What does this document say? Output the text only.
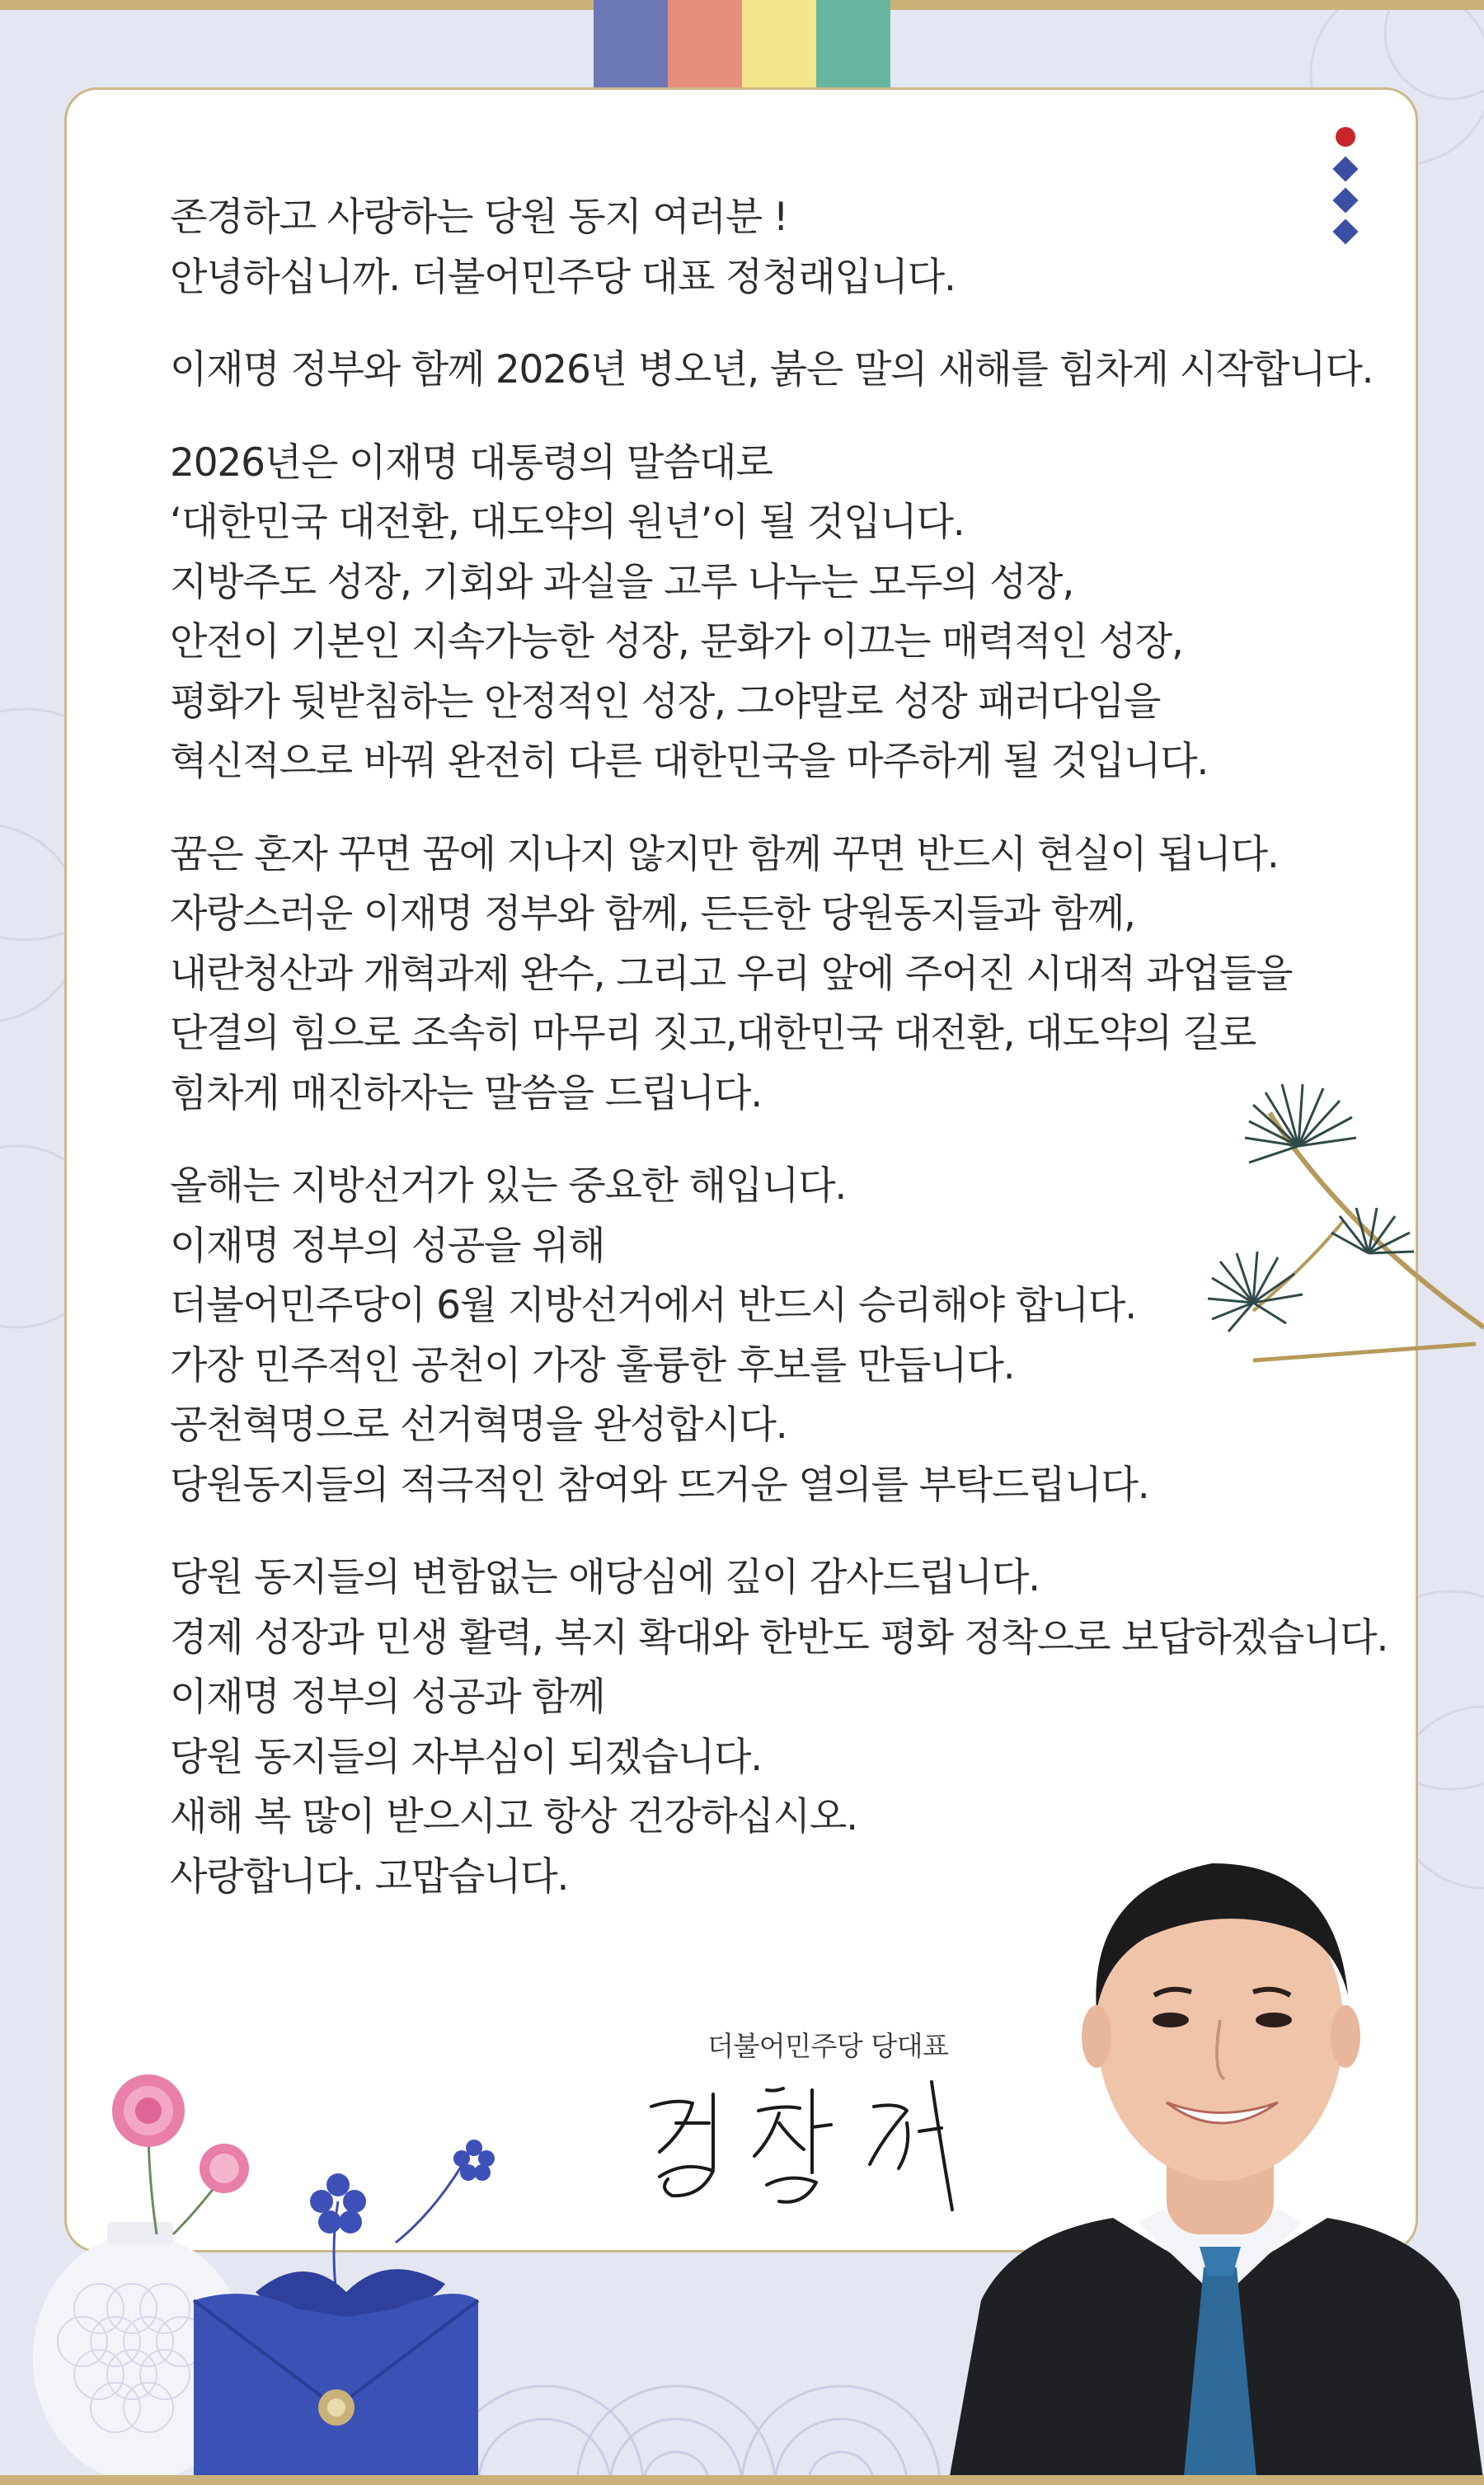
존경하고 사랑하는 당원 동지 여러분 !
안녕하십니까. 더불어민주당 대표 정청래입니다.
이재명 정부와 함께 2026년 병오년, 붉은 말의 새해를 힘차게 시작합니다.
2026년은 이재명 대통령의 말씀대로
‘대한민국 대전환, 대도약의 원년’이 될 것입니다.
지방주도 성장, 기회와 과실을 고루 나누는 모두의 성장,
안전이 기본인 지속가능한 성장, 문화가 이끄는 매력적인 성장,
평화가 뒷받침하는 안정적인 성장, 그야말로 성장 패러다임을
혁신적으로 바꿔 완전히 다른 대한민국을 마주하게 될 것입니다.
꿈은 혼자 꾸면 꿈에 지나지 않지만 함께 꾸면 반드시 현실이 됩니다.
자랑스러운 이재명 정부와 함께, 든든한 당원동지들과 함께,
내란청산과 개혁과제 완수, 그리고 우리 앞에 주어진 시대적 과업들을
단결의 힘으로 조속히 마무리 짓고,대한민국 대전환, 대도약의 길로
힘차게 매진하자는 말씀을 드립니다.
올해는 지방선거가 있는 중요한 해입니다.
이재명 정부의 성공을 위해
더불어민주당이 6월 지방선거에서 반드시 승리해야 합니다.
가장 민주적인 공천이 가장 훌륭한 후보를 만듭니다.
공천혁명으로 선거혁명을 완성합시다.
당원동지들의 적극적인 참여와 뜨거운 열의를 부탁드립니다.
당원 동지들의 변함없는 애당심에 깊이 감사드립니다.
경제 성장과 민생 활력, 복지 확대와 한반도 평화 정착으로 보답하겠습니다.
이재명 정부의 성공과 함께
당원 동지들의 자부심이 되겠습니다.
새해 복 많이 받으시고 항상 건강하십시오.
사랑합니다. 고맙습니다.
더불어민주당 당대표
